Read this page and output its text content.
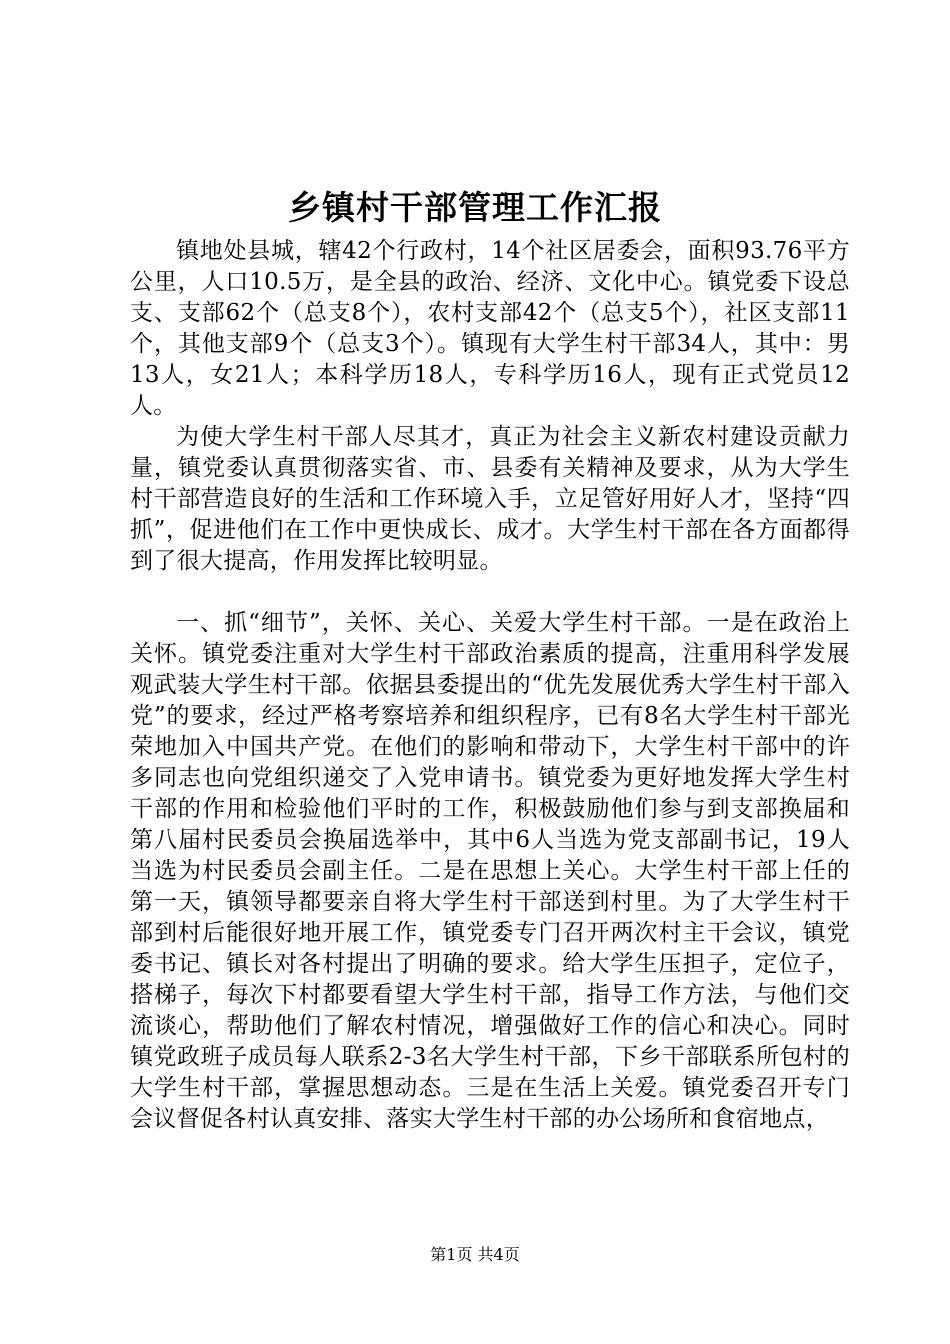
乡镇村干部管理工作汇报

镇地处县城，辖42个行政村，14个社区居委会，面积93.76平方公里，人口10.5万，是全县的政治、经济、文化中心。镇党委下设总支、支部62个（总支8个），农村支部42个（总支5个），社区支部11个，其他支部9个（总支3个）。镇现有大学生村干部34人，其中：男13人，女21人；本科学历18人，专科学历16人，现有正式党员12人。

为使大学生村干部人尽其才，真正为社会主义新农村建设贡献力量，镇党委认真贯彻落实省、市、县委有关精神及要求，从为大学生村干部营造良好的生活和工作环境入手，立足管好用好人才，坚持“四抓”，促进他们在工作中更快成长、成才。大学生村干部在各方面都得到了很大提高，作用发挥比较明显。

一、抓“细节”，关怀、关心、关爱大学生村干部。一是在政治上关怀。镇党委注重对大学生村干部政治素质的提高，注重用科学发展观武装大学生村干部。依据县委提出的“优先发展优秀大学生村干部入党”的要求，经过严格考察培养和组织程序，已有8名大学生村干部光荣地加入中国共产党。在他们的影响和带动下，大学生村干部中的许多同志也向党组织递交了入党申请书。镇党委为更好地发挥大学生村干部的作用和检验他们平时的工作，积极鼓励他们参与到支部换届和第八届村民委员会换届选举中，其中6人当选为党支部副书记，19人当选为村民委员会副主任。二是在思想上关心。大学生村干部上任的第一天，镇领导都要亲自将大学生村干部送到村里。为了大学生村干部到村后能很好地开展工作，镇党委专门召开两次村主干会议，镇党委书记、镇长对各村提出了明确的要求。给大学生压担子，定位子，搭梯子，每次下村都要看望大学生村干部，指导工作方法，与他们交流谈心，帮助他们了解农村情况，增强做好工作的信心和决心。同时镇党政班子成员每人联系2-3名大学生村干部，下乡干部联系所包村的大学生村干部，掌握思想动态。三是在生活上关爱。镇党委召开专门会议督促各村认真安排、落实大学生村干部的办公场所和食宿地点，

第1页 共4页
